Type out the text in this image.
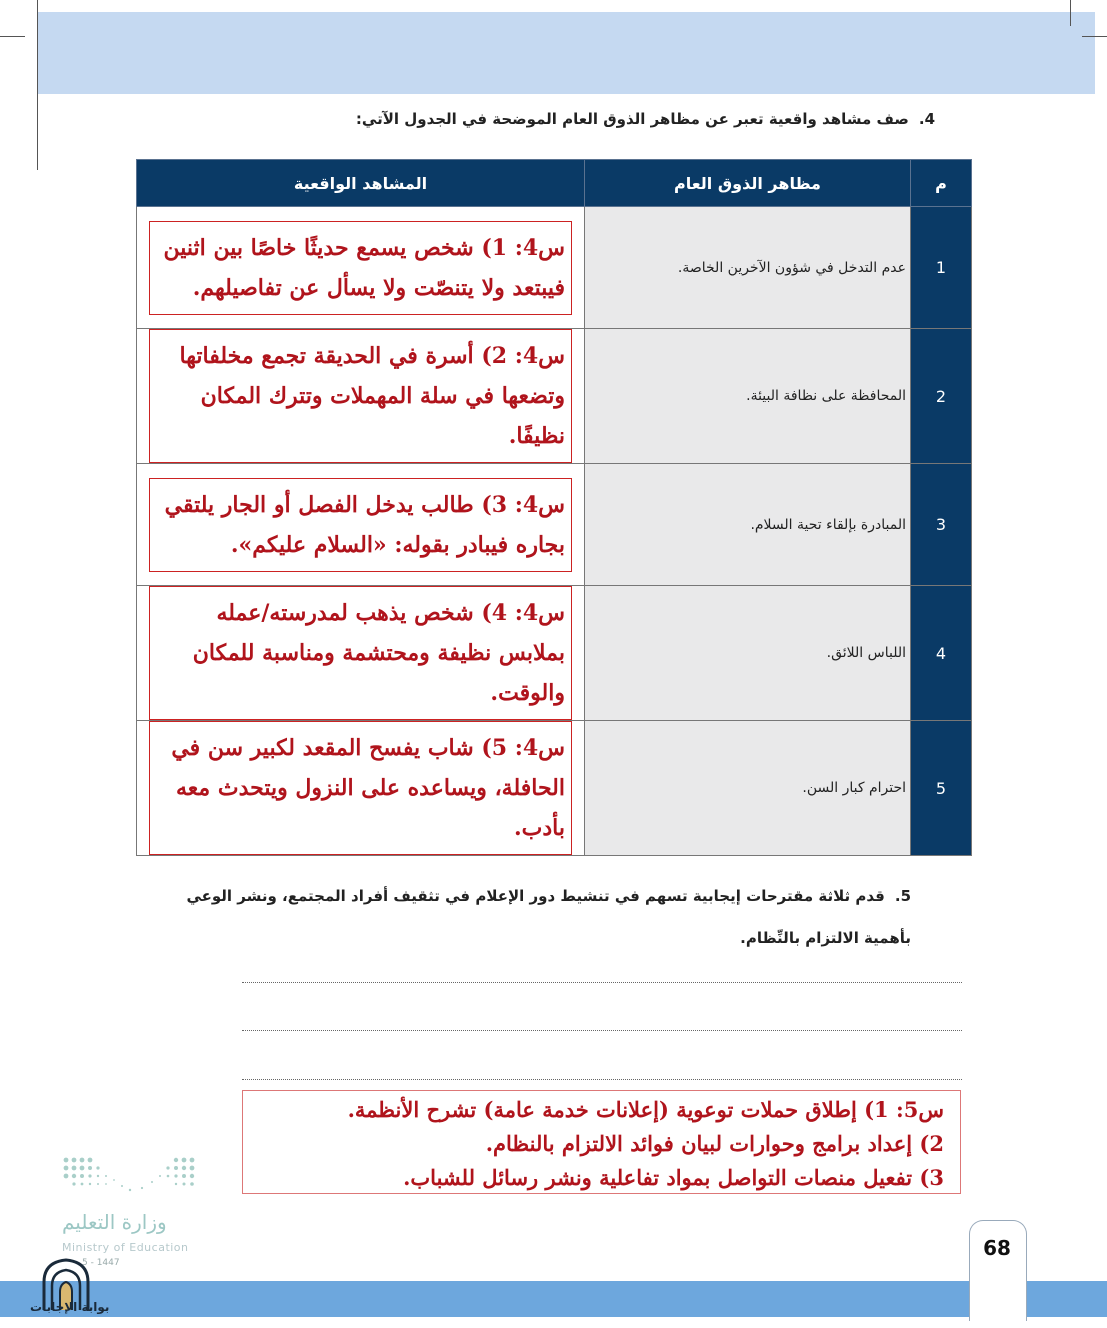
4.صف مشاهد واقعية تعبر عن مظاهر الذوق العام الموضحة في الجدول الآتي:
م	مظاهر الذوق العام	المشاهد الواقعية
1	عدم التدخل في شؤون الآخرين الخاصة.	س4: 1) شخص يسمع حديثًا خاصًا بين اثنين فيبتعد ولا يتنصّت ولا يسأل عن تفاصيلهم.

2	المحافظة على نظافة البيئة.	س4: 2) أسرة في الحديقة تجمع مخلفاتها وتضعها في سلة المهملات وتترك المكان نظيفًا.

3	المبادرة بإلقاء تحية السلام.	س4: 3) طالب يدخل الفصل أو الجار يلتقي بجاره فيبادر بقوله: «السلام عليكم».

4	اللباس اللائق.	س4: 4) شخص يذهب لمدرسته/عمله بملابس نظيفة ومحتشمة ومناسبة للمكان والوقت.

5	احترام كبار السن.	س4: 5) شاب يفسح المقعد لكبير سن في الحافلة، ويساعده على النزول ويتحدث معه بأدب.
5.قدم ثلاثة مقترحات إيجابية تسهم في تنشيط دور الإعلام في تثقيف أفراد المجتمع، ونشر الوعي بأهمية الالتزام بالنِّظام.
س5: 1) إطلاق حملات توعوية (إعلانات خدمة عامة) تشرح الأنظمة.
2) إعداد برامج وحوارات لبيان فوائد الالتزام بالنظام.
3) تفعيل منصات التواصل بمواد تفاعلية ونشر رسائل للشباب.
وزارة التعليم
Ministry of Education
5 - 1447
68
بوابة الإجابات
